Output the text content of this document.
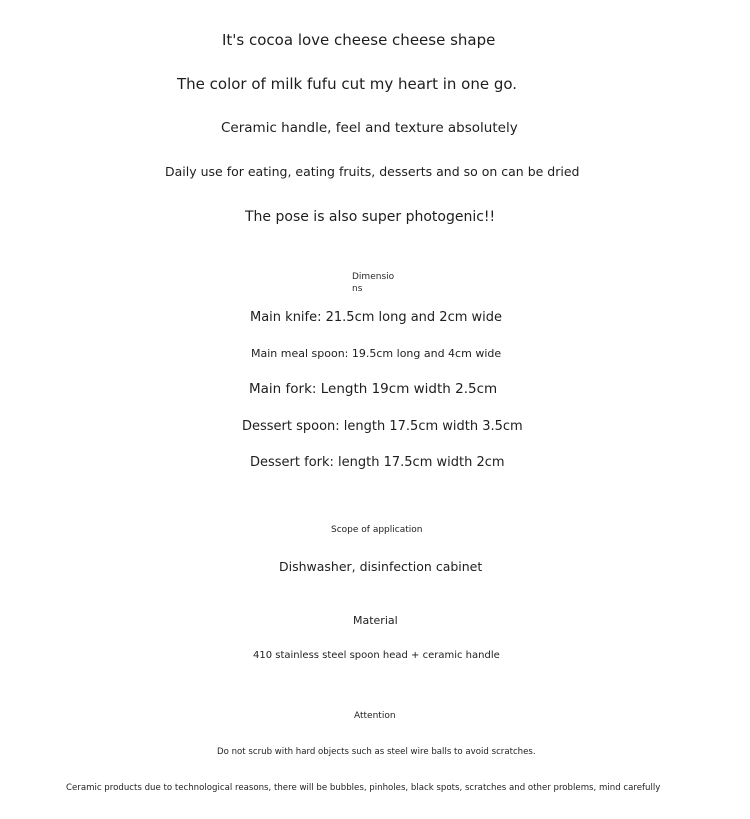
It's cocoa love cheese cheese shape
The color of milk fufu cut my heart in one go.
Ceramic handle, feel and texture absolutely
Daily use for eating, eating fruits, desserts and so on can be dried
The pose is also super photogenic!!
Dimensio
ns
Main knife: 21.5cm long and 2cm wide
Main meal spoon: 19.5cm long and 4cm wide
Main fork: Length 19cm width 2.5cm
Dessert spoon: length 17.5cm width 3.5cm
Dessert fork: length 17.5cm width 2cm
Scope of application
Dishwasher, disinfection cabinet
Material
410 stainless steel spoon head + ceramic handle
Attention
Do not scrub with hard objects such as steel wire balls to avoid scratches.
Ceramic products due to technological reasons, there will be bubbles, pinholes, black spots, scratches and other problems, mind carefully
